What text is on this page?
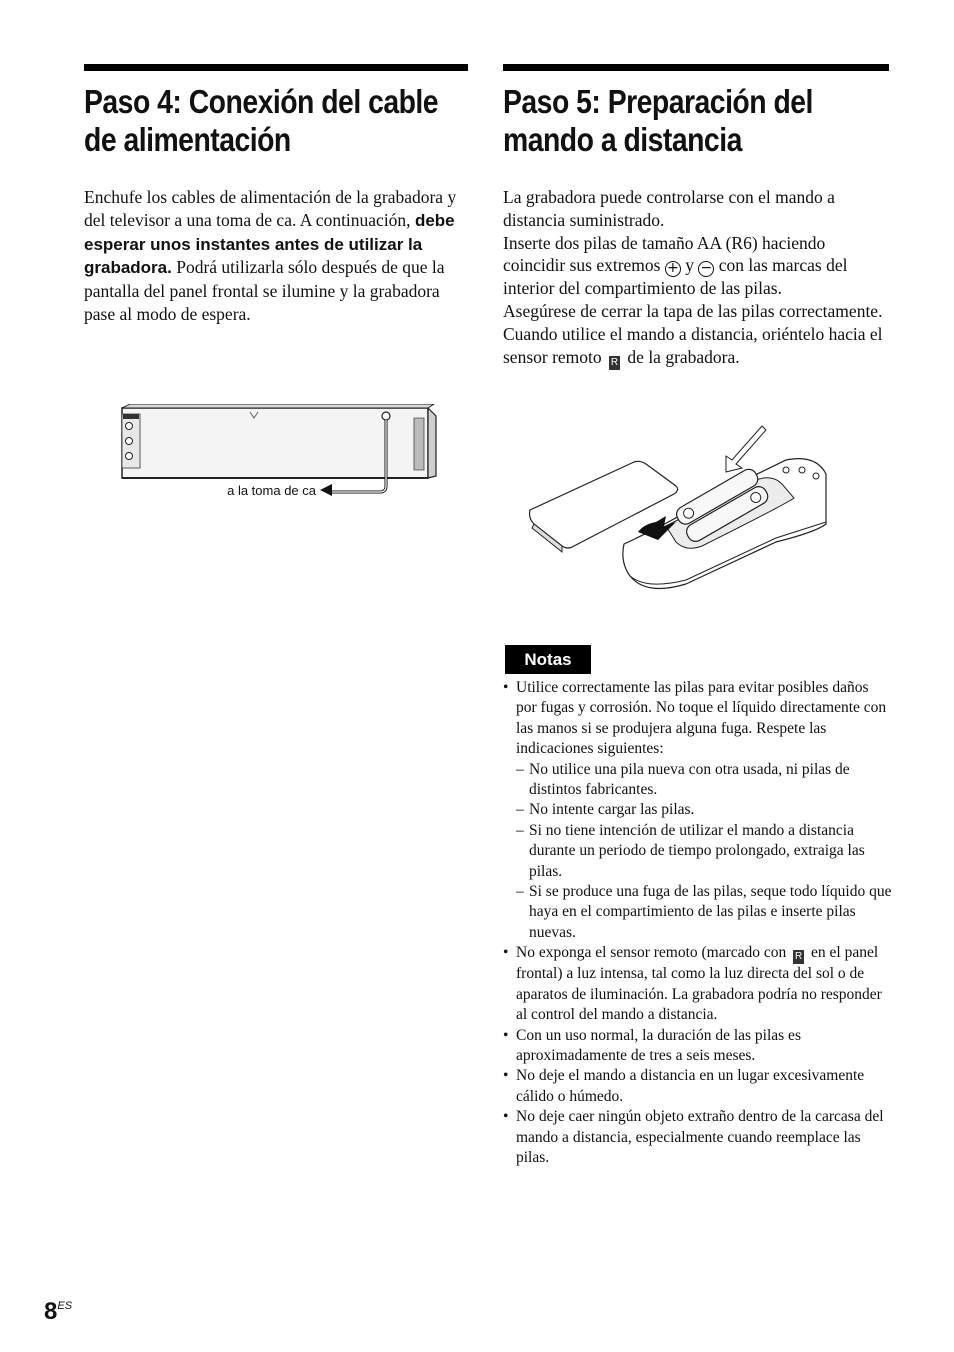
Paso 4: Conexión del cable
de alimentación

Enchufe los cables de alimentación de la grabadora y del televisor a una toma de ca. A continuación, debe esperar unos instantes antes de utilizar la grabadora. Podrá utilizarla sólo después de que la pantalla del panel frontal se ilumine y la grabadora pase al modo de espera.

a la toma de ca
Paso 5: Preparación del
mando a distancia

La grabadora puede controlarse con el mando a distancia suministrado.

Inserte dos pilas de tamaño AA (R6) haciendo coincidir sus extremos + y − con las marcas del interior del compartimiento de las pilas.

Asegúrese de cerrar la tapa de las pilas correctamente. Cuando utilice el mando a distancia, oriéntelo hacia el sensor remoto R de la grabadora.

Notas
• Utilice correctamente las pilas para evitar posibles daños por fugas y corrosión. No toque el líquido directamente con las manos si se produjera alguna fuga. Respete las indicaciones siguientes:
– No utilice una pila nueva con otra usada, ni pilas de distintos fabricantes.
– No intente cargar las pilas.
– Si no tiene intención de utilizar el mando a distancia durante un periodo de tiempo prolongado, extraiga las pilas.
– Si se produce una fuga de las pilas, seque todo líquido que haya en el compartimiento de las pilas e inserte pilas nuevas.
• No exponga el sensor remoto (marcado con R en el panel frontal) a luz intensa, tal como la luz directa del sol o de aparatos de iluminación. La grabadora podría no responder al control del mando a distancia.
• Con un uso normal, la duración de las pilas es aproximadamente de tres a seis meses.
• No deje el mando a distancia en un lugar excesivamente cálido o húmedo.
• No deje caer ningún objeto extraño dentro de la carcasa del mando a distancia, especialmente cuando reemplace las pilas.
$8^{ES}$
